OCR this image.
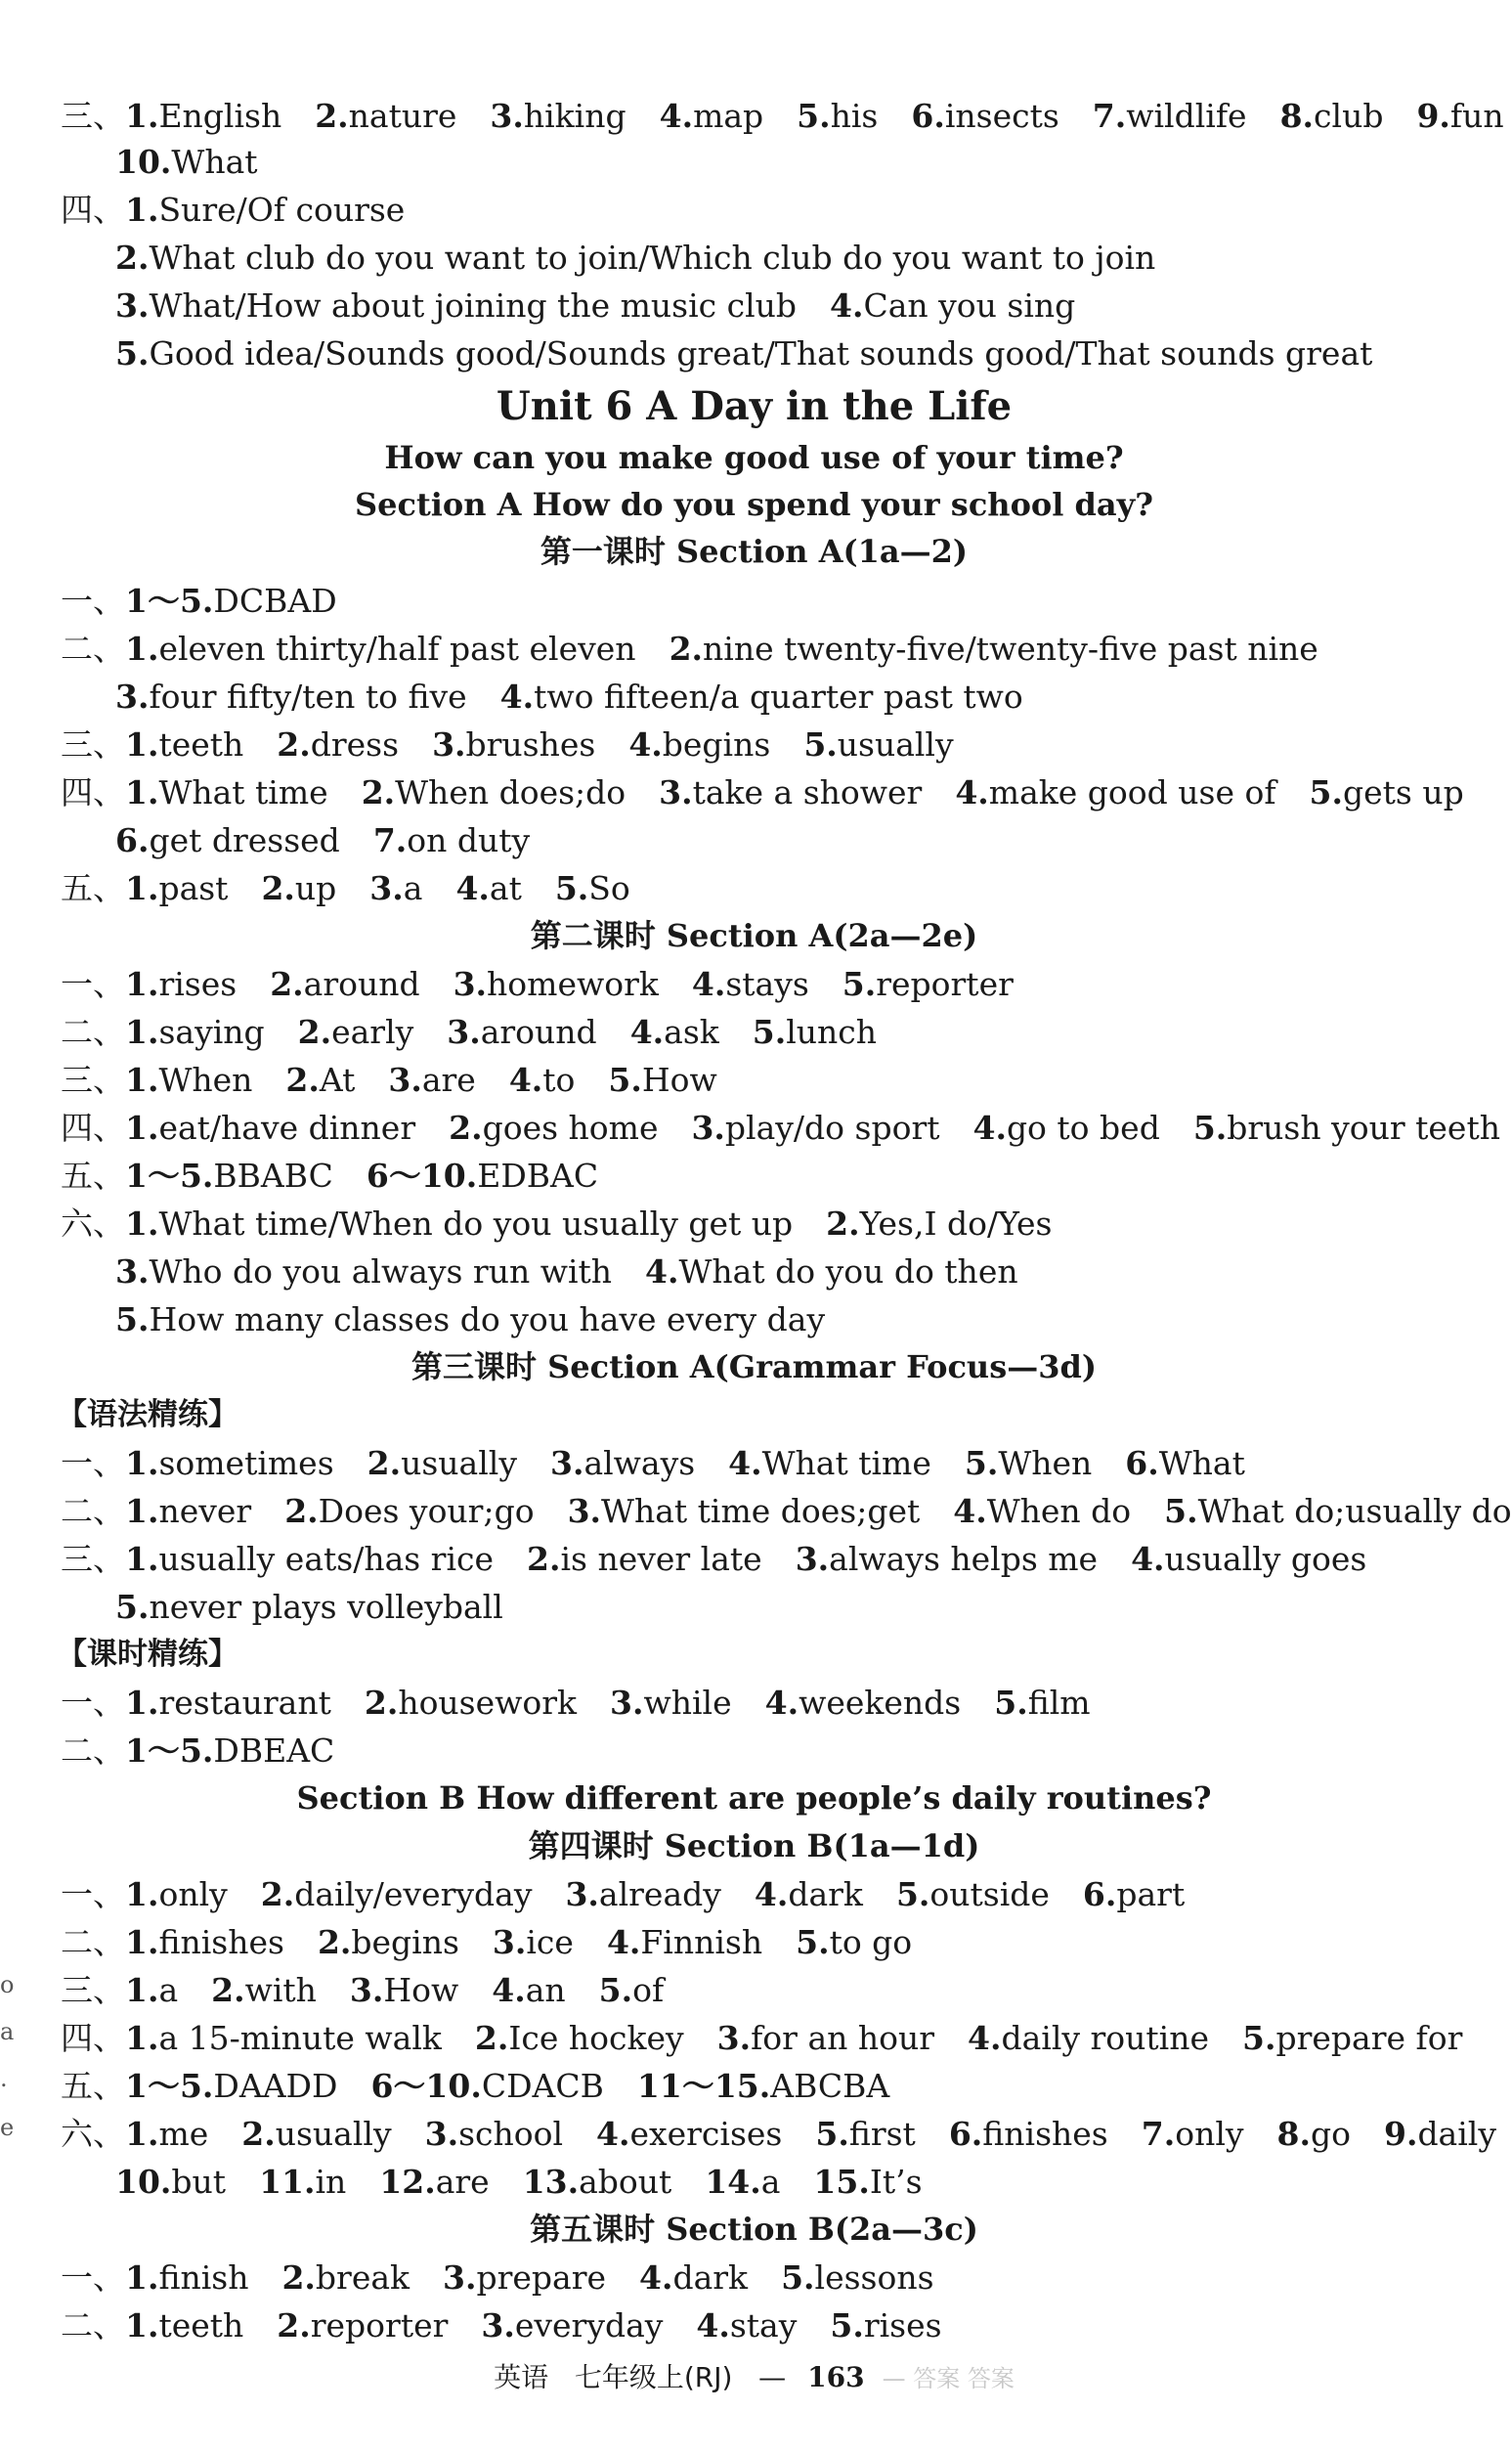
三、1.English 2.nature 3.hiking 4.map 5.his 6.insects 7.wildlife 8.club 9.fun
10.What
四、1.Sure/Of course
2.What club do you want to join/Which club do you want to join
3.What/How about joining the music club 4.Can you sing
5.Good idea/Sounds good/Sounds great/That sounds good/That sounds great
Unit 6 A Day in the Life
How can you make good use of your time?
Section A How do you spend your school day?
第一课时 Section A(1a—2)
一、1～5.DCBAD
二、1.eleven thirty/half past eleven 2.nine twenty-five/twenty-five past nine
3.four fifty/ten to five 4.two fifteen/a quarter past two
三、1.teeth 2.dress 3.brushes 4.begins 5.usually
四、1.What time 2.When does;do 3.take a shower 4.make good use of 5.gets up
6.get dressed 7.on duty
五、1.past 2.up 3.a 4.at 5.So
第二课时 Section A(2a—2e)
一、1.rises 2.around 3.homework 4.stays 5.reporter
二、1.saying 2.early 3.around 4.ask 5.lunch
三、1.When 2.At 3.are 4.to 5.How
四、1.eat/have dinner 2.goes home 3.play/do sport 4.go to bed 5.brush your teeth
五、1～5.BBABC 6～10.EDBAC
六、1.What time/When do you usually get up 2.Yes,I do/Yes
3.Who do you always run with 4.What do you do then
5.How many classes do you have every day
第三课时 Section A(Grammar Focus—3d)
【语法精练】
一、1.sometimes 2.usually 3.always 4.What time 5.When 6.What
二、1.never 2.Does your;go 3.What time does;get 4.When do 5.What do;usually do
三、1.usually eats/has rice 2.is never late 3.always helps me 4.usually goes
5.never plays volleyball
【课时精练】
一、1.restaurant 2.housework 3.while 4.weekends 5.film
二、1～5.DBEAC
Section B How different are people’s daily routines?
第四课时 Section B(1a—1d)
一、1.only 2.daily/everyday 3.already 4.dark 5.outside 6.part
二、1.finishes 2.begins 3.ice 4.Finnish 5.to go
三、1.a 2.with 3.How 4.an 5.of
四、1.a 15-minute walk 2.Ice hockey 3.for an hour 4.daily routine 5.prepare for
五、1～5.DAADD 6～10.CDACB 11～15.ABCBA
六、1.me 2.usually 3.school 4.exercises 5.first 6.finishes 7.only 8.go 9.daily
10.but 11.in 12.are 13.about 14.a 15.It’s
第五课时 Section B(2a—3c)
一、1.finish 2.break 3.prepare 4.dark 5.lessons
二、1.teeth 2.reporter 3.everyday 4.stay 5.rises
o
a
.
e
英语 七年级上(RJ) — 163 — 答案 答案
